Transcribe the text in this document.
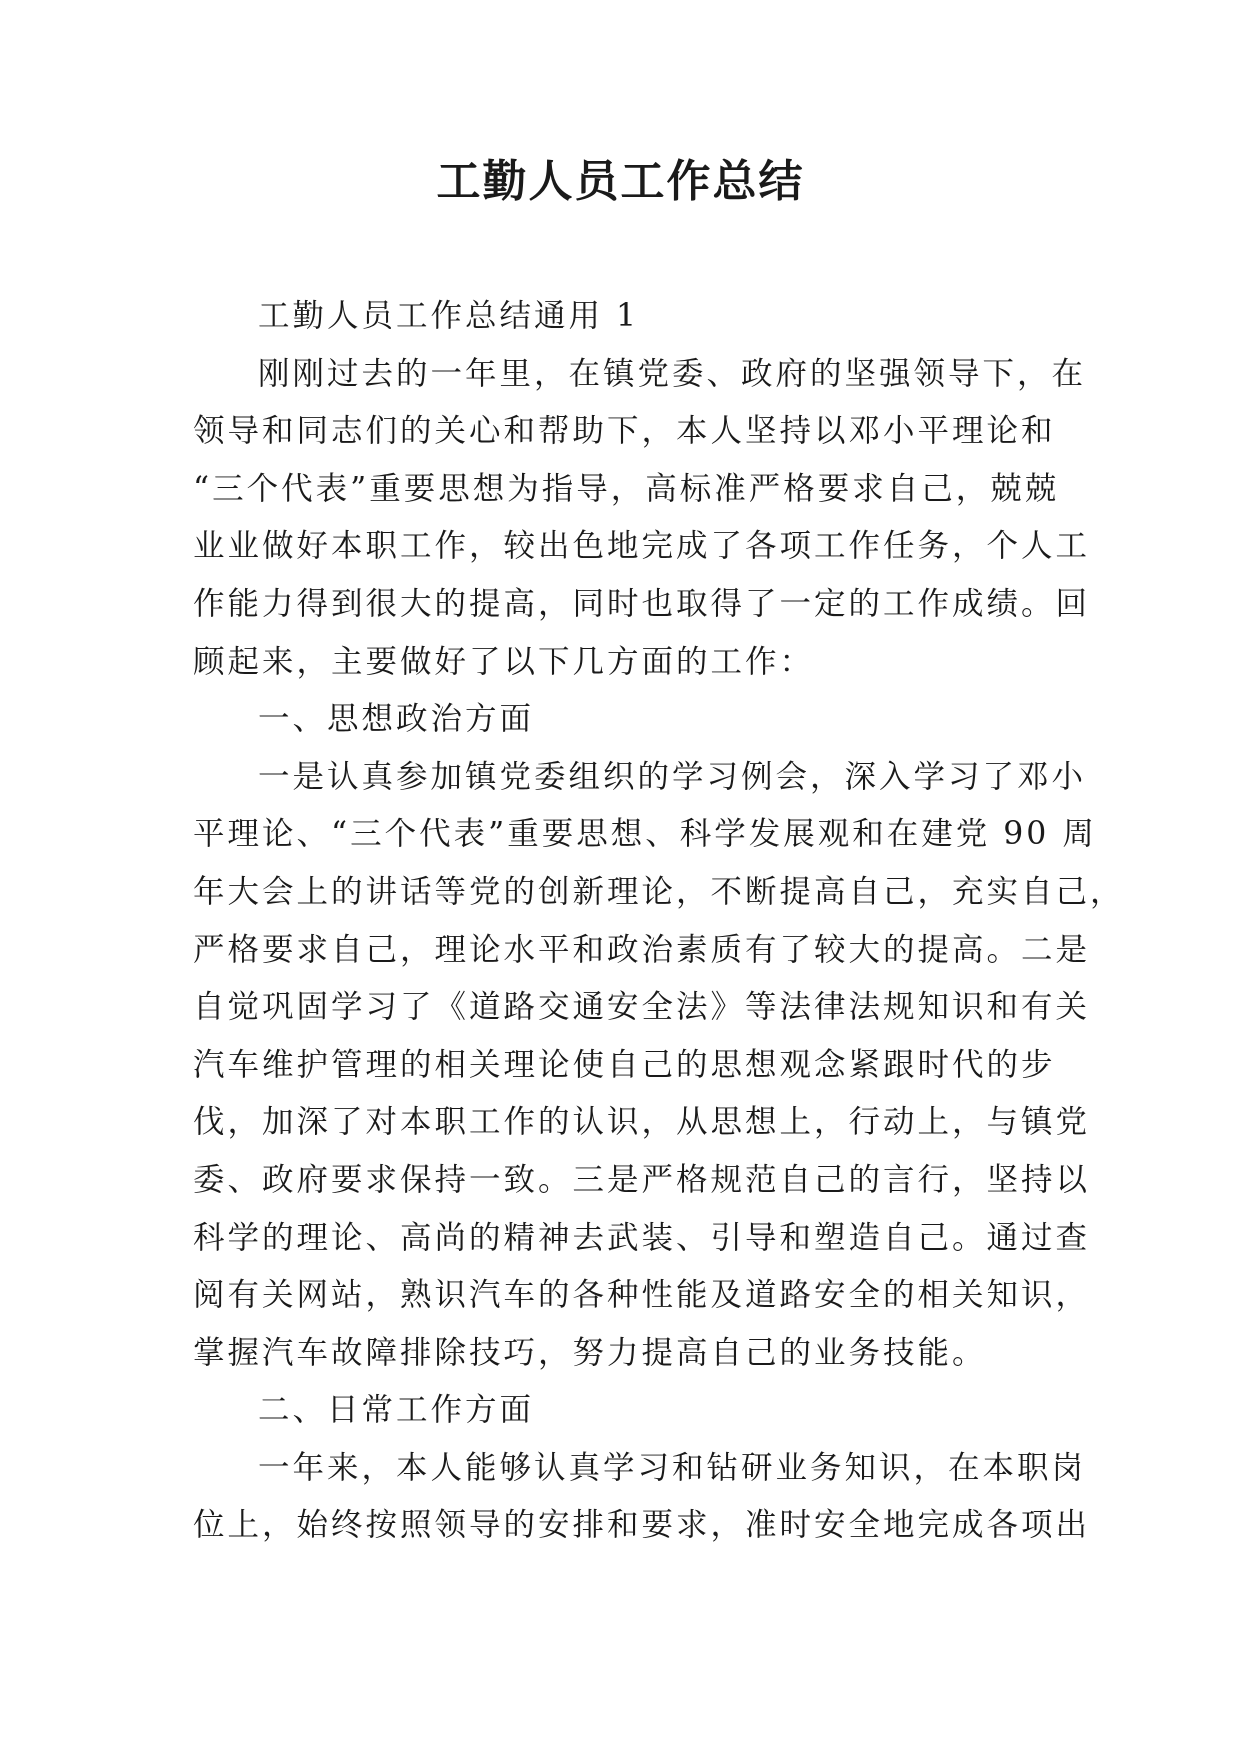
工勤人员工作总结
工勤人员工作总结通用 1
刚刚过去的一年里，在镇党委、政府的坚强领导下，在
领导和同志们的关心和帮助下，本人坚持以邓小平理论和
“三个代表”重要思想为指导，高标准严格要求自己，兢兢
业业做好本职工作，较出色地完成了各项工作任务，个人工
作能力得到很大的提高，同时也取得了一定的工作成绩。回
顾起来，主要做好了以下几方面的工作：
一、思想政治方面
一是认真参加镇党委组织的学习例会，深入学习了邓小
平理论、“三个代表”重要思想、科学发展观和在建党 90 周
年大会上的讲话等党的创新理论，不断提高自己，充实自己，
严格要求自己，理论水平和政治素质有了较大的提高。二是
自觉巩固学习了《道路交通安全法》等法律法规知识和有关
汽车维护管理的相关理论使自己的思想观念紧跟时代的步
伐，加深了对本职工作的认识，从思想上，行动上，与镇党
委、政府要求保持一致。三是严格规范自己的言行，坚持以
科学的理论、高尚的精神去武装、引导和塑造自己。通过查
阅有关网站，熟识汽车的各种性能及道路安全的相关知识，
掌握汽车故障排除技巧，努力提高自己的业务技能。
二、日常工作方面
一年来，本人能够认真学习和钻研业务知识，在本职岗
位上，始终按照领导的安排和要求，准时安全地完成各项出
